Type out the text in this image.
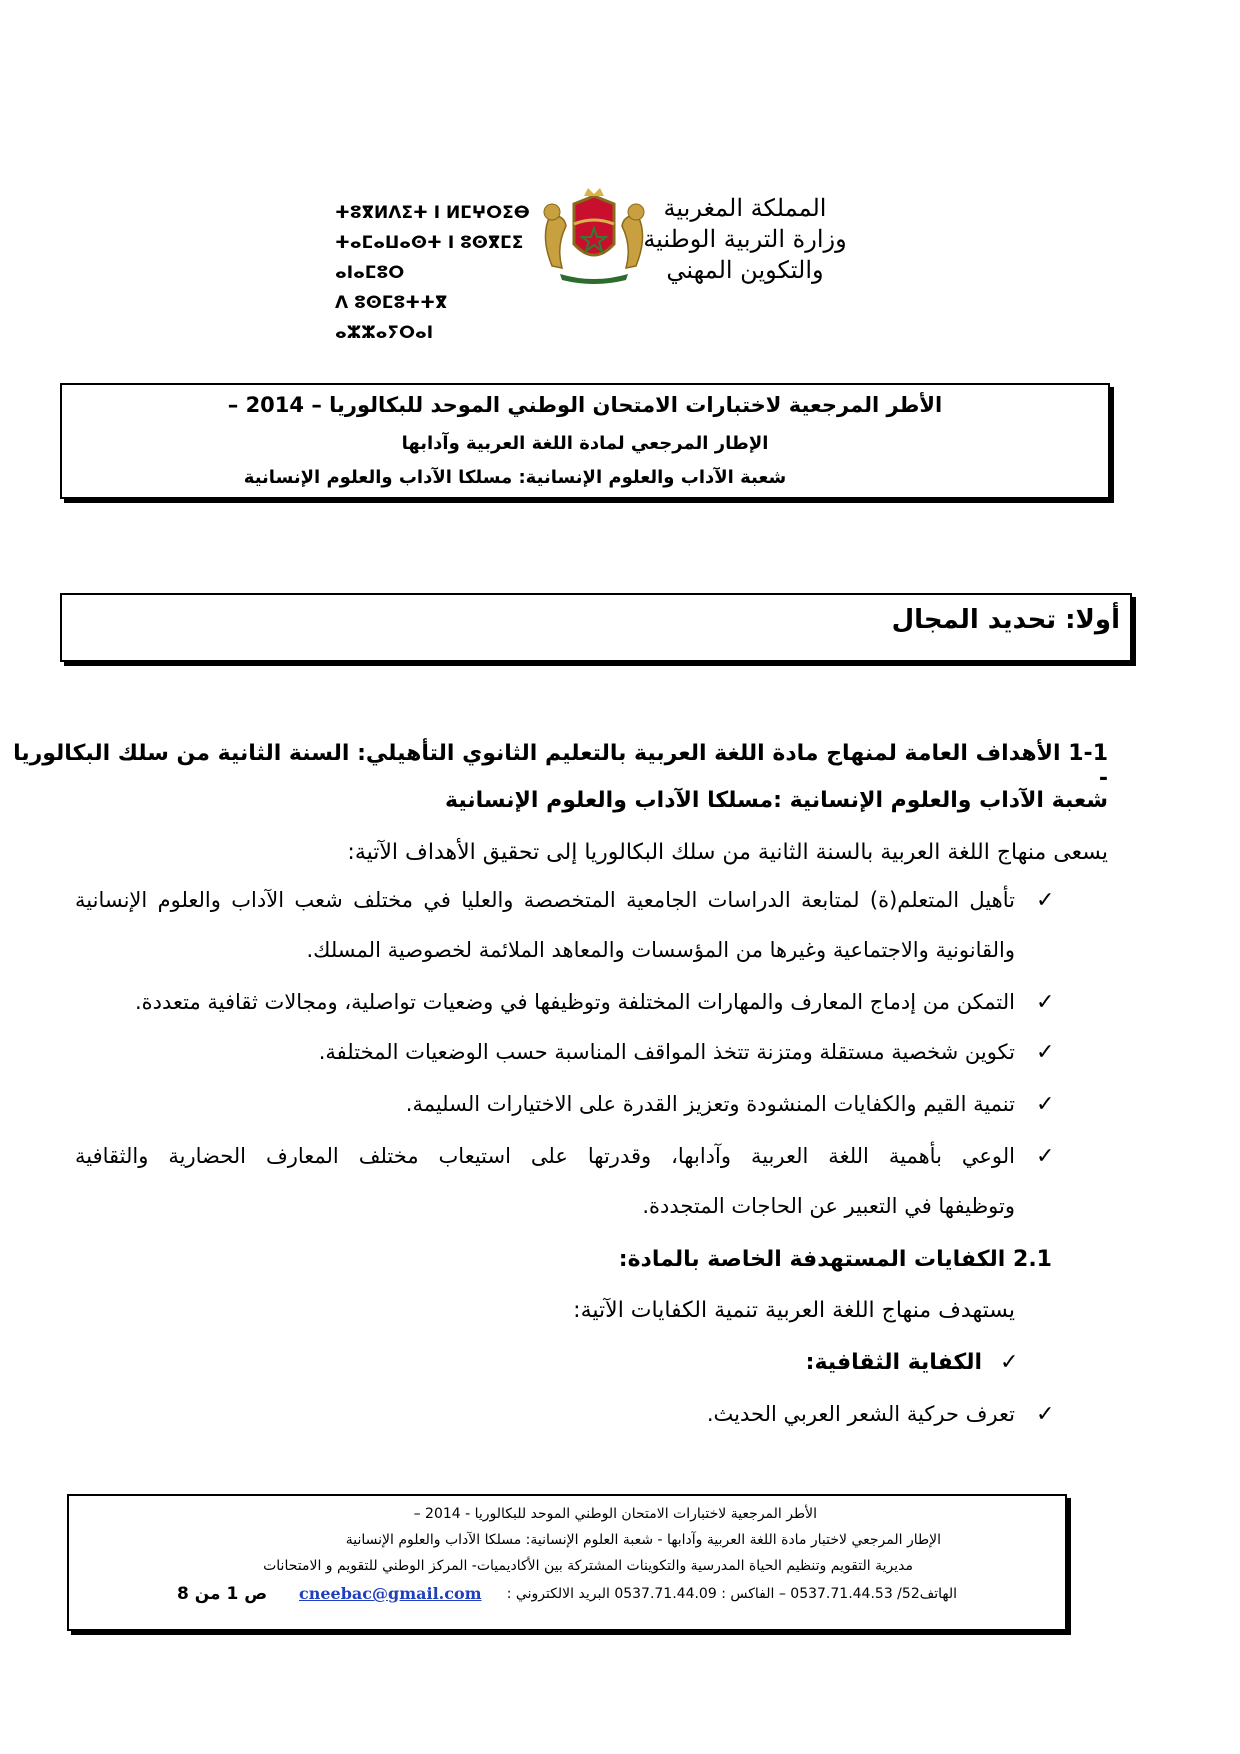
ⵜⵓⴳⵍⴷⵉⵜ ⵏ ⵍⵎⵖⵔⵉⴱ
ⵜⴰⵎⴰⵡⴰⵙⵜ ⵏ ⵓⵙⴳⵎⵉ ⴰⵏⴰⵎⵓⵔ
ⴷ ⵓⵙⵎⵓⵜⵜⴳ ⴰⵣⵣⴰⵢⵔⴰⵏ
المملكة المغربية
وزارة التربية الوطنية
والتكوين المهني
الأطر المرجعية لاختبارات الامتحان الوطني الموحد للبكالوريا – 2014 –
الإطار المرجعي لمادة اللغة العربية وآدابها
شعبة الآداب والعلوم الإنسانية: مسلكا الآداب والعلوم الإنسانية
أولا: تحديد المجال
1-1 الأهداف العامة لمنهاج مادة اللغة العربية بالتعليم الثانوي التأهيلي: السنة الثانية من سلك البكالوريا -
شعبة الآداب والعلوم الإنسانية :مسلكا الآداب والعلوم الإنسانية
يسعى منهاج اللغة العربية بالسنة الثانية من سلك البكالوريا إلى تحقيق الأهداف الآتية:
✓
تأهيل المتعلم(ة) لمتابعة الدراسات الجامعية المتخصصة والعليا في مختلف شعب الآداب والعلوم الإنسانية
والقانونية والاجتماعية وغيرها من المؤسسات والمعاهد الملائمة لخصوصية المسلك.
✓
التمكن من إدماج المعارف والمهارات المختلفة وتوظيفها في وضعيات تواصلية، ومجالات ثقافية متعددة.
✓
تكوين شخصية مستقلة ومتزنة تتخذ المواقف المناسبة حسب الوضعيات المختلفة.
✓
تنمية القيم والكفايات المنشودة وتعزيز القدرة على الاختيارات السليمة.
✓
الوعي بأهمية اللغة العربية وآدابها، وقدرتها على استيعاب مختلف المعارف الحضارية والثقافية
وتوظيفها في التعبير عن الحاجات المتجددة.
2.1 الكفايات المستهدفة الخاصة بالمادة:
يستهدف منهاج اللغة العربية تنمية الكفايات الآتية:
✓
الكفاية الثقافية:
✓
تعرف حركية الشعر العربي الحديث.
الأطر المرجعية لاختبارات الامتحان الوطني الموحد للبكالوريا - 2014 –
الإطار المرجعي لاختبار مادة اللغة العربية وآدابها - شعبة العلوم الإنسانية: مسلكا الآداب والعلوم الإنسانية
مديرية التقويم وتنظيم الحياة المدرسية والتكوينات المشتركة بين الأكاديميات- المركز الوطني للتقويم و الامتحانات
الهاتف52/ 0537.71.44.53 – الفاكس : 0537.71.44.09 البريد الالكتروني :
cneebac@gmail.com
ص 1 من 8
